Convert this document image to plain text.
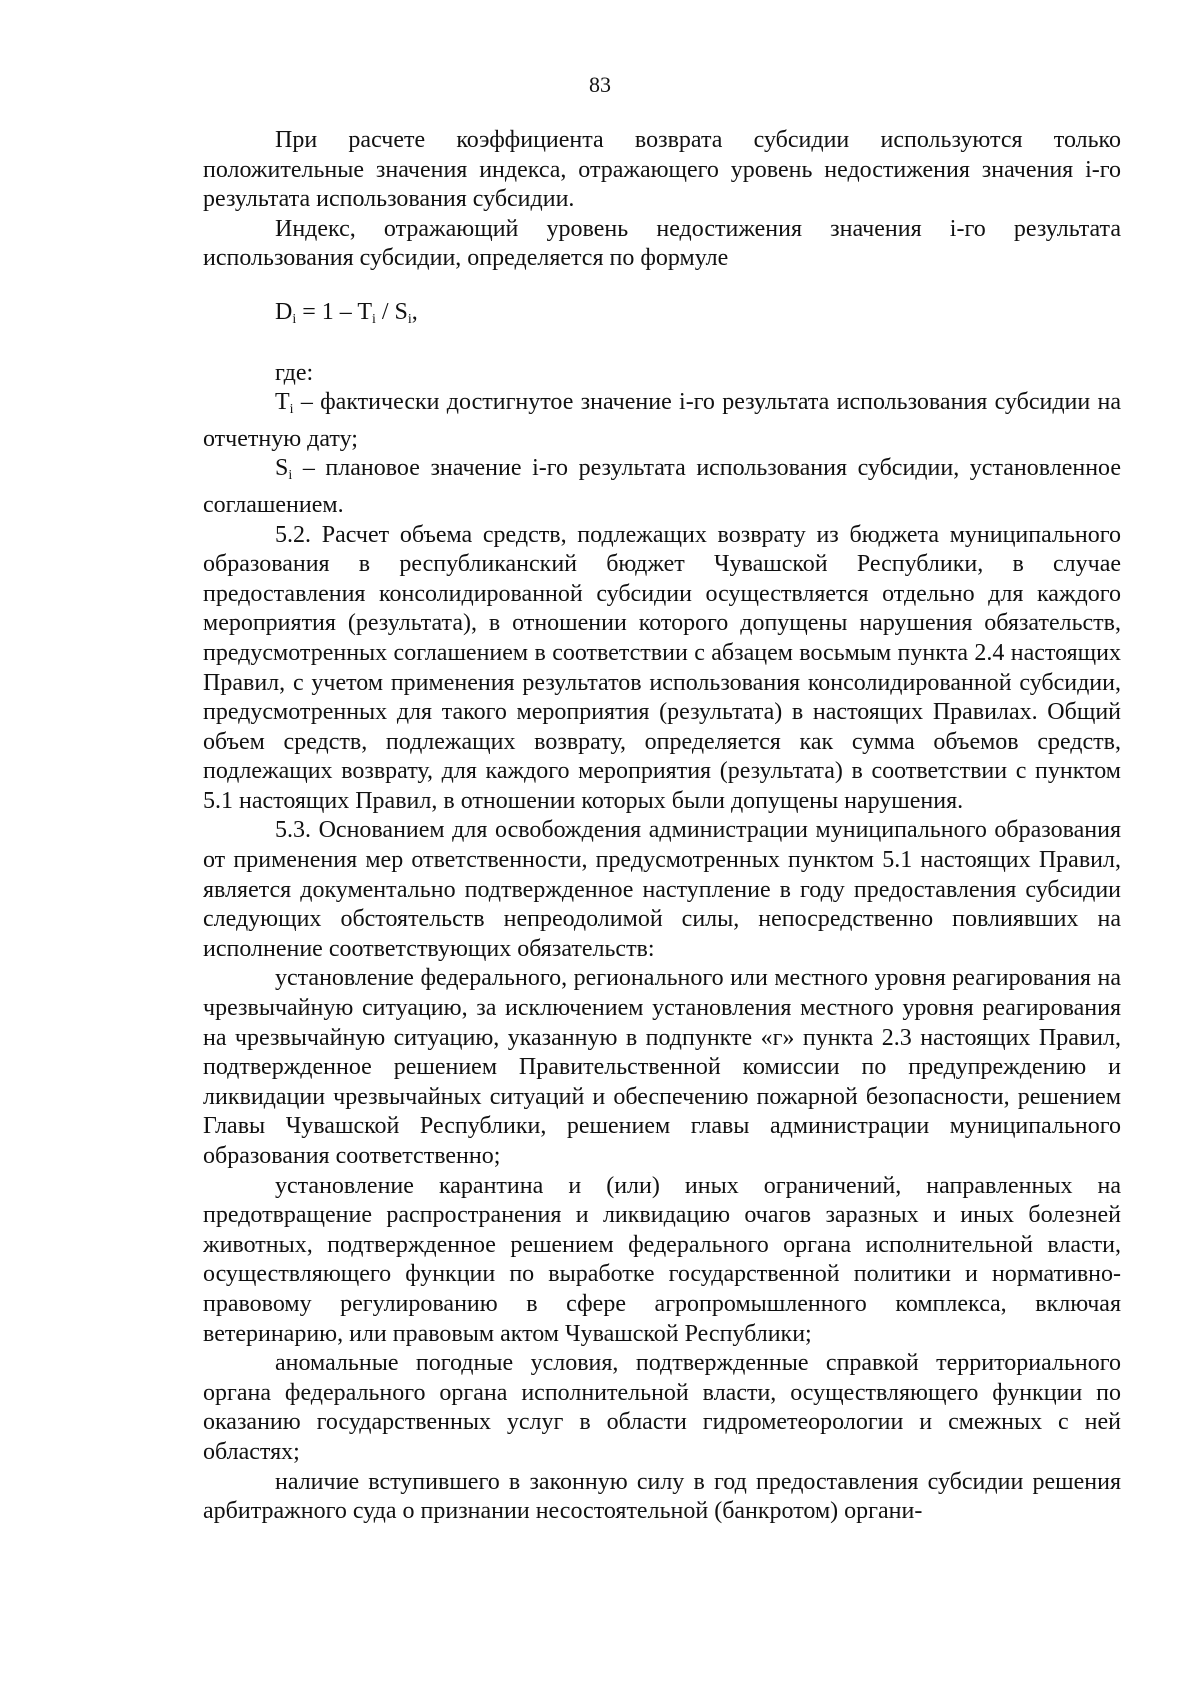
83

При расчете коэффициента возврата субсидии используются только положительные значения индекса, отражающего уровень недостижения значения i-го результата использования субсидии.

Индекс, отражающий уровень недостижения значения i-го результата использования субсидии, определяется по формуле

$D_i = 1 - T_i / S_i$,

где:

$T_i$ – фактически достигнутое значение i-го результата использования субсидии на отчетную дату;

$S_i$ – плановое значение i-го результата использования субсидии, установленное соглашением.

5.2. Расчет объема средств, подлежащих возврату из бюджета муниципального образования в республиканский бюджет Чувашской Республики, в случае предоставления консолидированной субсидии осуществляется отдельно для каждого мероприятия (результата), в отношении которого допущены нарушения обязательств, предусмотренных соглашением в соответствии с абзацем восьмым пункта 2.4 настоящих Правил, с учетом применения результатов использования консолидированной субсидии, предусмотренных для такого мероприятия (результата) в настоящих Правилах. Общий объем средств, подлежащих возврату, определяется как сумма объемов средств, подлежащих возврату, для каждого мероприятия (результата) в соответствии с пунктом 5.1 настоящих Правил, в отношении которых были допущены нарушения.

5.3. Основанием для освобождения администрации муниципального образования от применения мер ответственности, предусмотренных пунктом 5.1 настоящих Правил, является документально подтвержденное наступление в году предоставления субсидии следующих обстоятельств непреодолимой силы, непосредственно повлиявших на исполнение соответствующих обязательств:

установление федерального, регионального или местного уровня реагирования на чрезвычайную ситуацию, за исключением установления местного уровня реагирования на чрезвычайную ситуацию, указанную в подпункте «г» пункта 2.3 настоящих Правил, подтвержденное решением Правительственной комиссии по предупреждению и ликвидации чрезвычайных ситуаций и обеспечению пожарной безопасности, решением Главы Чувашской Республики, решением главы администрации муниципального образования соответственно;

установление карантина и (или) иных ограничений, направленных на предотвращение распространения и ликвидацию очагов заразных и иных болезней животных, подтвержденное решением федерального органа исполнительной власти, осуществляющего функции по выработке государственной политики и нормативно-правовому регулированию в сфере агропромышленного комплекса, включая ветеринарию, или правовым актом Чувашской Республики;

аномальные погодные условия, подтвержденные справкой территориального органа федерального органа исполнительной власти, осуществляющего функции по оказанию государственных услуг в области гидрометеорологии и смежных с ней областях;

наличие вступившего в законную силу в год предоставления субсидии решения арбитражного суда о признании несостоятельной (банкротом) органи-
